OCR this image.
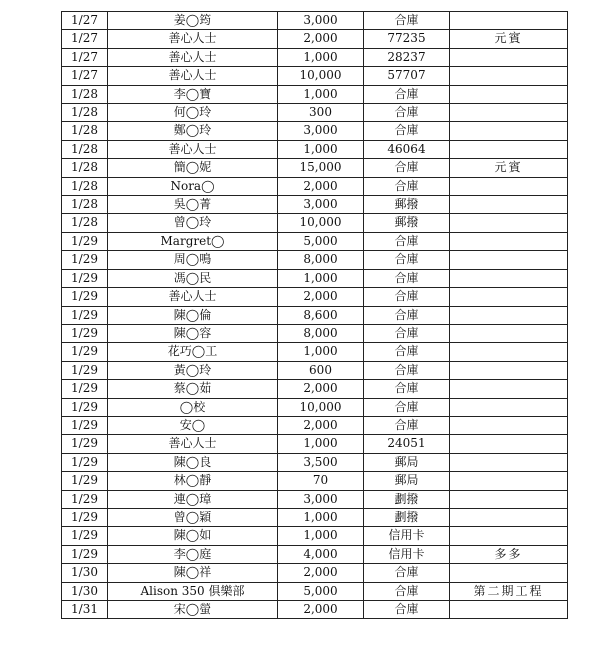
1/27	姜◯筠	3,000	合庫	
1/27	善心人士	2,000	77235	元賓
1/27	善心人士	1,000	28237	
1/27	善心人士	10,000	57707	
1/28	李◯寶	1,000	合庫	
1/28	何◯玲	300	合庫	
1/28	鄭◯玲	3,000	合庫	
1/28	善心人士	1,000	46064	
1/28	簡◯妮	15,000	合庫	元賓
1/28	Nora◯	2,000	合庫	
1/28	吳◯菁	3,000	郵撥	
1/28	曾◯玲	10,000	郵撥	
1/29	Margret◯	5,000	合庫	
1/29	周◯鳴	8,000	合庫	
1/29	馮◯民	1,000	合庫	
1/29	善心人士	2,000	合庫	
1/29	陳◯倫	8,600	合庫	
1/29	陳◯容	8,000	合庫	
1/29	花巧◯工	1,000	合庫	
1/29	黃◯玲	600	合庫	
1/29	蔡◯茹	2,000	合庫	
1/29	◯校	10,000	合庫	
1/29	安◯	2,000	合庫	
1/29	善心人士	1,000	24051	
1/29	陳◯良	3,500	郵局	
1/29	林◯靜	70	郵局	
1/29	連◯璋	3,000	劃撥	
1/29	曾◯穎	1,000	劃撥	
1/29	陳◯如	1,000	信用卡	
1/29	李◯庭	4,000	信用卡	多多
1/30	陳◯祥	2,000	合庫	
1/30	Alison 350 俱樂部	5,000	合庫	第二期工程
1/31	宋◯螢	2,000	合庫	
